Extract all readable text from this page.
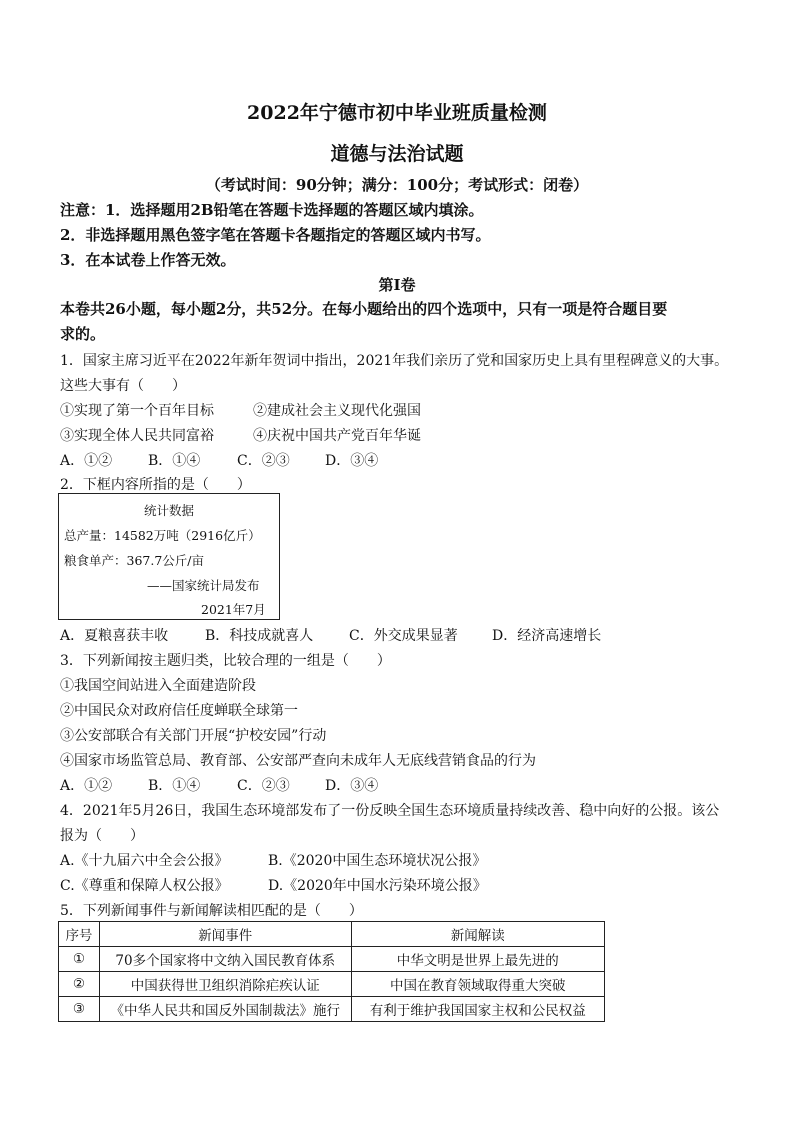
2022年宁德市初中毕业班质量检测
道德与法治试题
（考试时间：90分钟；满分：100分；考试形式：闭卷）
注意：1．选择题用2B铅笔在答题卡选择题的答题区域内填涂。
2．非选择题用黑色签字笔在答题卡各题指定的答题区域内书写。
3．在本试卷上作答无效。
第Ⅰ卷
本卷共26小题，每小题2分，共52分。在每小题给出的四个选项中，只有一项是符合题目要
求的。
1．国家主席习近平在2022年新年贺词中指出，2021年我们亲历了党和国家历史上具有里程碑意义的大事。
这些大事有（　　）
①实现了第一个百年目标	②建成社会主义现代化强国
③实现全体人民共同富裕	④庆祝中国共产党百年华诞
A．①②	B．①④	C．②③	D．③④
2．下框内容所指的是（　　）
统计数据
总产量：14582万吨（2916亿斤）
粮食单产：367.7公斤/亩
——国家统计局发布
2021年7月
A．夏粮喜获丰收	B．科技成就喜人	C．外交成果显著 D．经济高速增长
3．下列新闻按主题归类，比较合理的一组是（　　）
①我国空间站进入全面建造阶段
②中国民众对政府信任度蝉联全球第一
③公安部联合有关部门开展“护校安园”行动
④国家市场监管总局、教育部、公安部严查向未成年人无底线营销食品的行为
A．①②	B．①④	C．②③	D．③④
4．2021年5月26日，我国生态环境部发布了一份反映全国生态环境质量持续改善、稳中向好的公报。该公
报为（　　）
A.《十九届六中全会公报》	B.《2020中国生态环境状况公报》
C.《尊重和保障人权公报》	D.《2020年中国水污染环境公报》
5．下列新闻事件与新闻解读相匹配的是（　　）
序号	新闻事件	新闻解读
①	70多个国家将中文纳入国民教育体系	中华文明是世界上最先进的
②	中国获得世卫组织消除疟疾认证	中国在教育领域取得重大突破
③	《中华人民共和国反外国制裁法》施行	有利于维护我国国家主权和公民权益
